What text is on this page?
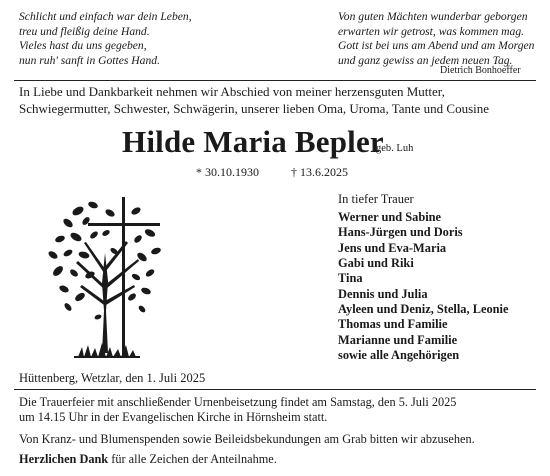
Schlicht und einfach war dein Leben,
treu und fleißig deine Hand.
Vieles hast du uns gegeben,
nun ruh' sanft in Gottes Hand.
Von guten Mächten wunderbar geborgen
erwarten wir getrost, was kommen mag.
Gott ist bei uns am Abend und am Morgen
und ganz gewiss an jedem neuen Tag.
Dietrich Bonhoeffer
In Liebe und Dankbarkeit nehmen wir Abschied von meiner herzensguten Mutter,
Schwiegermutter, Schwester, Schwägerin, unserer lieben Oma, Uroma, Tante und Cousine
Hilde Maria Bepler
geb. Luh
* 30.10.1930	† 13.6.2025
In tiefer Trauer
Werner und Sabine
Hans-Jürgen und Doris
Jens und Eva-Maria
Gabi und Riki
Tina
Dennis und Julia
Ayleen und Deniz, Stella, Leonie
Thomas und Familie
Marianne und Familie
sowie alle Angehörigen
Hüttenberg, Wetzlar, den 1. Juli 2025
Die Trauerfeier mit anschließender Urnenbeisetzung findet am Samstag, den 5. Juli 2025
um 14.15 Uhr in der Evangelischen Kirche in Hörnsheim statt.
Von Kranz- und Blumenspenden sowie Beileidsbekundungen am Grab bitten wir abzusehen.
Herzlichen Dank für alle Zeichen der Anteilnahme.
